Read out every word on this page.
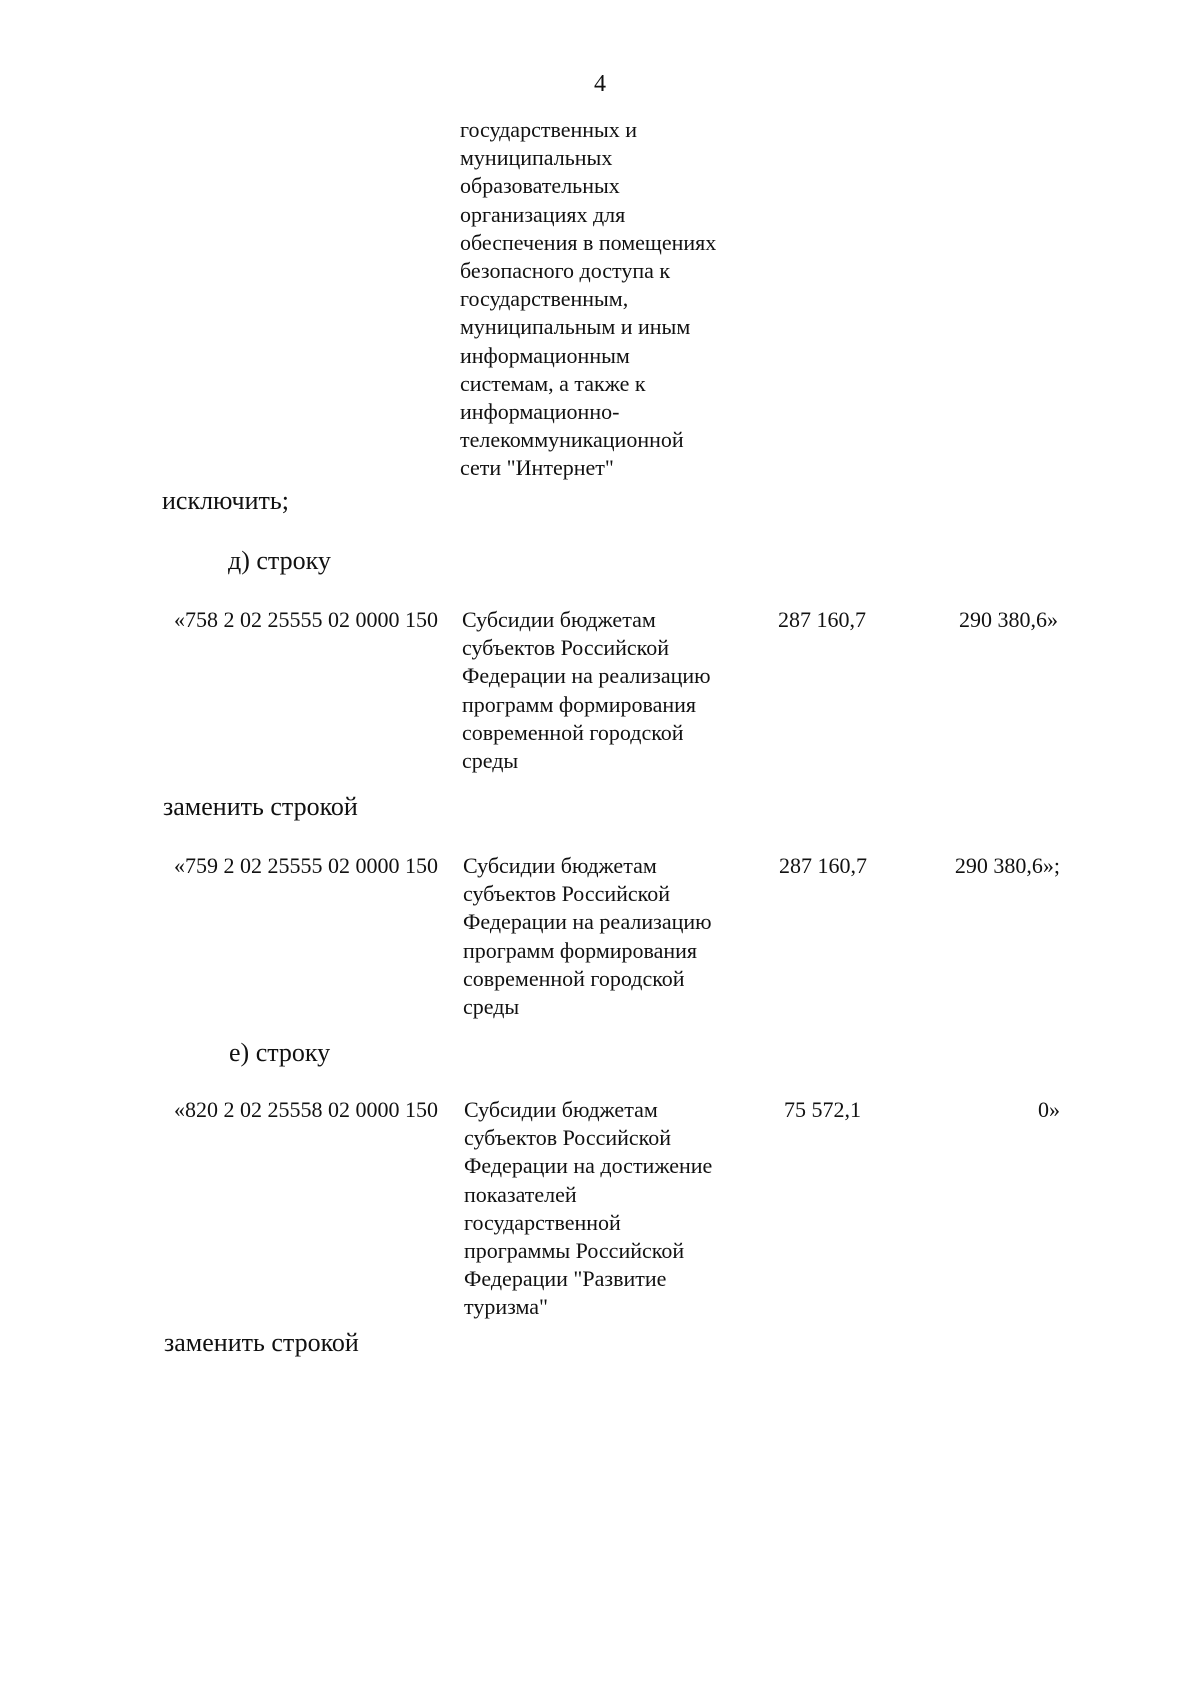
4
государственных и
муниципальных
образовательных
организациях для
обеспечения в помещениях
безопасного доступа к
государственным,
муниципальным и иным
информационным
системам, а также к
информационно-
телекоммуникационной
сети "Интернет"
исключить;
д) строку
«758 2 02 25555 02 0000 150 Субсидии бюджетам
субъектов Российской
Федерации на реализацию
программ формирования
современной городской
среды
287 160,7	290 380,6»
заменить строкой
«759 2 02 25555 02 0000 150 Субсидии бюджетам
субъектов Российской
Федерации на реализацию
программ формирования
современной городской
среды
287 160,7	290 380,6»;
е) строку
«820 2 02 25558 02 0000 150 Субсидии бюджетам
субъектов Российской
Федерации на достижение
показателей
государственной
программы Российской
Федерации "Развитие
туризма"
75 572,1	0»
заменить строкой
